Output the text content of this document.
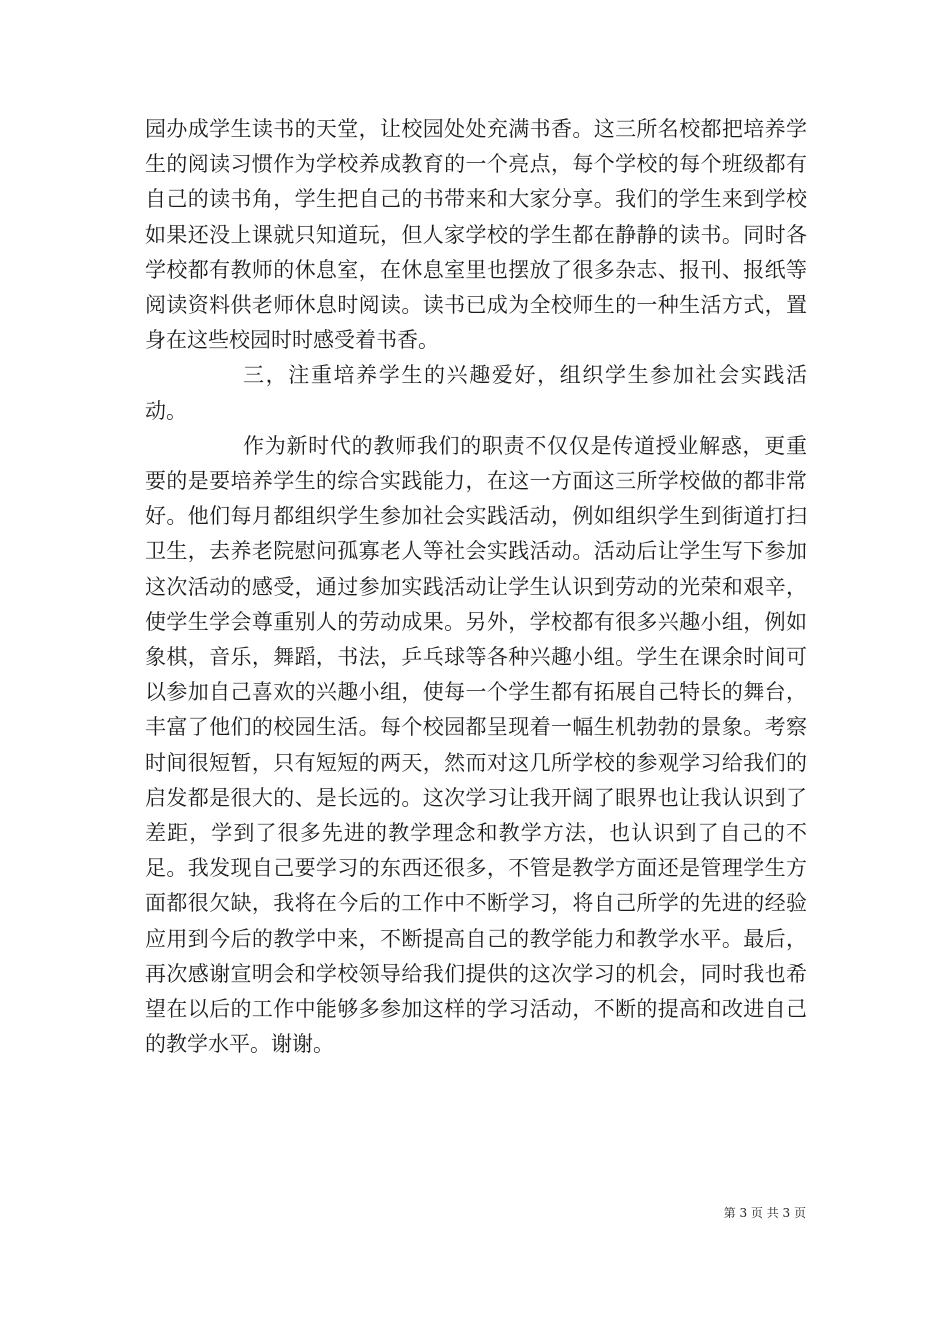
园办成学生读书的天堂，让校园处处充满书香。这三所名校都把培养学生的阅读习惯作为学校养成教育的一个亮点，每个学校的每个班级都有自己的读书角，学生把自己的书带来和大家分享。我们的学生来到学校如果还没上课就只知道玩，但人家学校的学生都在静静的读书。同时各学校都有教师的休息室，在休息室里也摆放了很多杂志、报刊、报纸等阅读资料供老师休息时阅读。读书已成为全校师生的一种生活方式，置身在这些校园时时感受着书香。

三，注重培养学生的兴趣爱好，组织学生参加社会实践活动。

作为新时代的教师我们的职责不仅仅是传道授业解惑，更重要的是要培养学生的综合实践能力，在这一方面这三所学校做的都非常好。他们每月都组织学生参加社会实践活动，例如组织学生到街道打扫卫生，去养老院慰问孤寡老人等社会实践活动。活动后让学生写下参加这次活动的感受，通过参加实践活动让学生认识到劳动的光荣和艰辛，使学生学会尊重别人的劳动成果。另外，学校都有很多兴趣小组，例如象棋，音乐，舞蹈，书法，乒乓球等各种兴趣小组。学生在课余时间可以参加自己喜欢的兴趣小组，使每一个学生都有拓展自己特长的舞台，丰富了他们的校园生活。每个校园都呈现着一幅生机勃勃的景象。考察时间很短暂，只有短短的两天，然而对这几所学校的参观学习给我们的启发都是很大的、是长远的。这次学习让我开阔了眼界也让我认识到了差距，学到了很多先进的教学理念和教学方法，也认识到了自己的不足。我发现自己要学习的东西还很多，不管是教学方面还是管理学生方面都很欠缺，我将在今后的工作中不断学习，将自己所学的先进的经验应用到今后的教学中来，不断提高自己的教学能力和教学水平。最后，再次感谢宣明会和学校领导给我们提供的这次学习的机会，同时我也希望在以后的工作中能够多参加这样的学习活动，不断的提高和改进自己的教学水平。谢谢。

第 3 页 共 3 页
